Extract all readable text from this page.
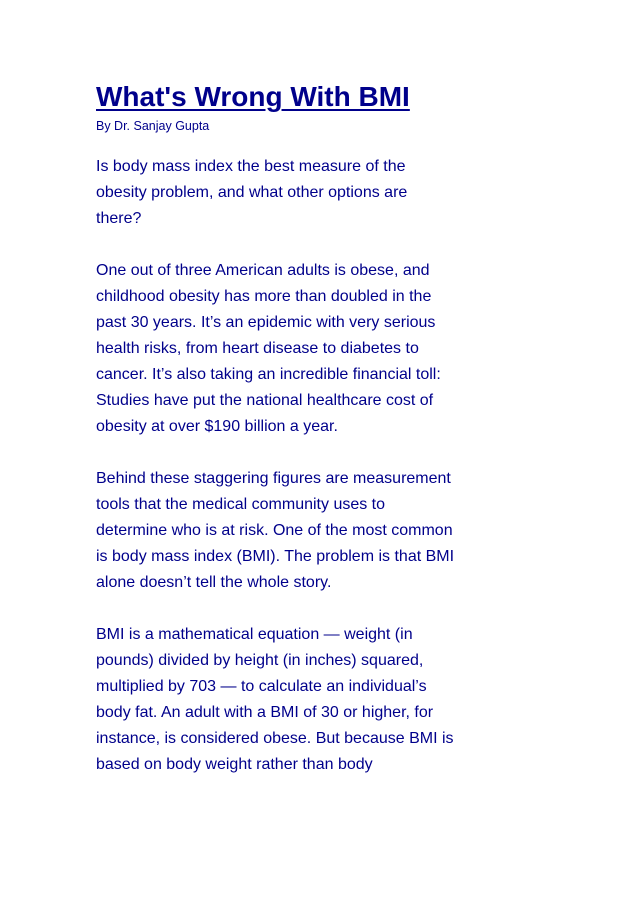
What's Wrong With BMI
By Dr. Sanjay Gupta

Is body mass index the best measure of the
obesity problem, and what other options are
there?

One out of three American adults is obese, and
childhood obesity has more than doubled in the
past 30 years. It’s an epidemic with very serious
health risks, from heart disease to diabetes to
cancer. It’s also taking an incredible financial toll:
Studies have put the national healthcare cost of
obesity at over $190 billion a year.

Behind these staggering figures are measurement
tools that the medical community uses to
determine who is at risk. One of the most common
is body mass index (BMI). The problem is that BMI
alone doesn’t tell the whole story.

BMI is a mathematical equation — weight (in
pounds) divided by height (in inches) squared,
multiplied by 703 — to calculate an individual’s
body fat. An adult with a BMI of 30 or higher, for
instance, is considered obese. But because BMI is
based on body weight rather than body
